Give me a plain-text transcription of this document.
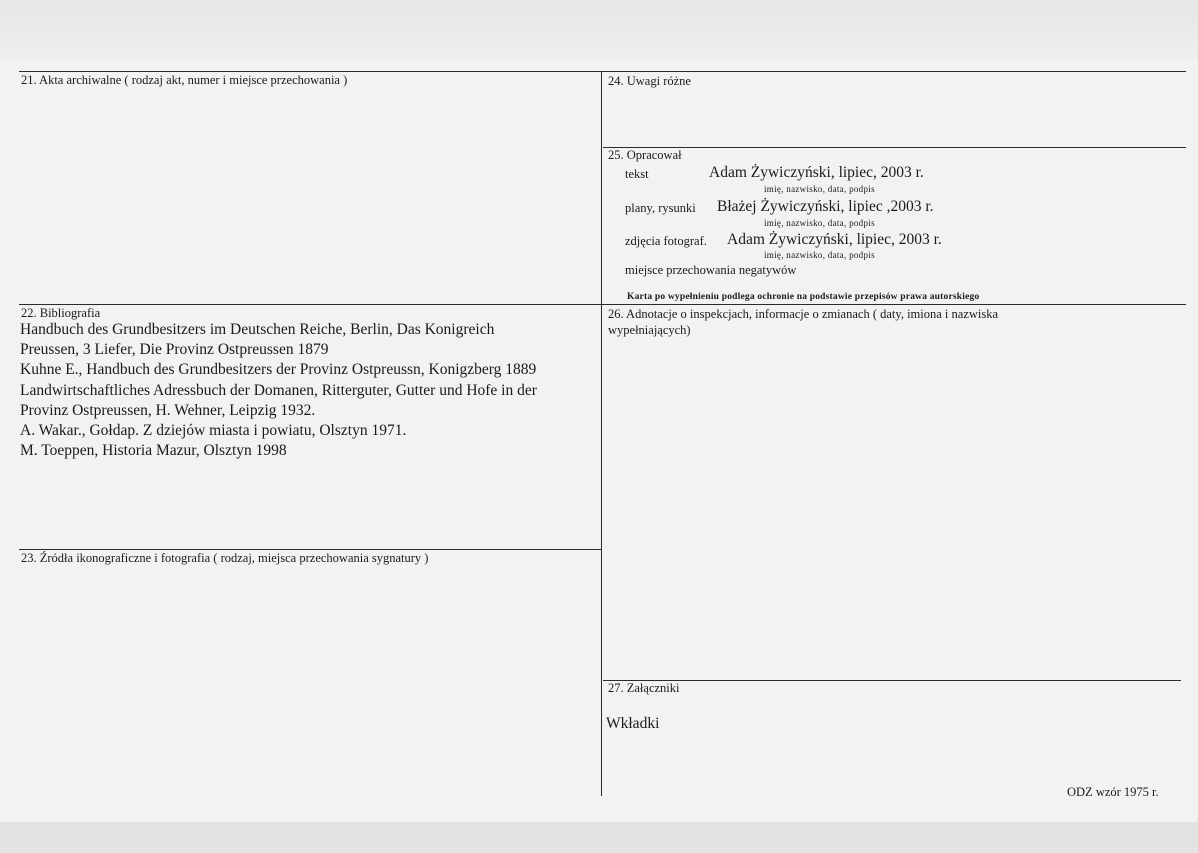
21. Akta archiwalne ( rodzaj akt, numer i miejsce przechowania )	24. Uwagi różne
25. Opracował
tekst	Adam Żywiczyński, lipiec, 2003 r.
imię, nazwisko, data, podpis
plany, rysunki Błażej Żywiczyński, lipiec ,2003 r.
imię, nazwisko, data, podpis
zdjęcia fotograf. Adam Żywiczyński, lipiec, 2003 r.
imię, nazwisko, data, podpis
miejsce przechowania negatywów
Karta po wypełnieniu podlega ochronie na podstawie przepisów prawa autorskiego
22. Bibliografia
Handbuch des Grundbesitzers im Deutschen Reiche, Berlin, Das Konigreich
Preussen, 3 Liefer, Die Provinz Ostpreussen 1879
Kuhne E., Handbuch des Grundbesitzers der Provinz Ostpreussn, Konigzberg 1889
Landwirtschaftliches Adressbuch der Domanen, Ritterguter, Gutter und Hofe in der
Provinz Ostpreussen, H. Wehner, Leipzig 1932.
A. Wakar., Gołdap. Z dziejów miasta i powiatu, Olsztyn 1971.
M. Toeppen, Historia Mazur, Olsztyn 1998
26. Adnotacje o inspekcjach, informacje o zmianach ( daty, imiona i nazwiska
wypełniających)
23. Źródła ikonograficzne i fotografia ( rodzaj, miejsca przechowania sygnatury )
27. Załączniki
Wkładki
ODZ wzór 1975 r.
